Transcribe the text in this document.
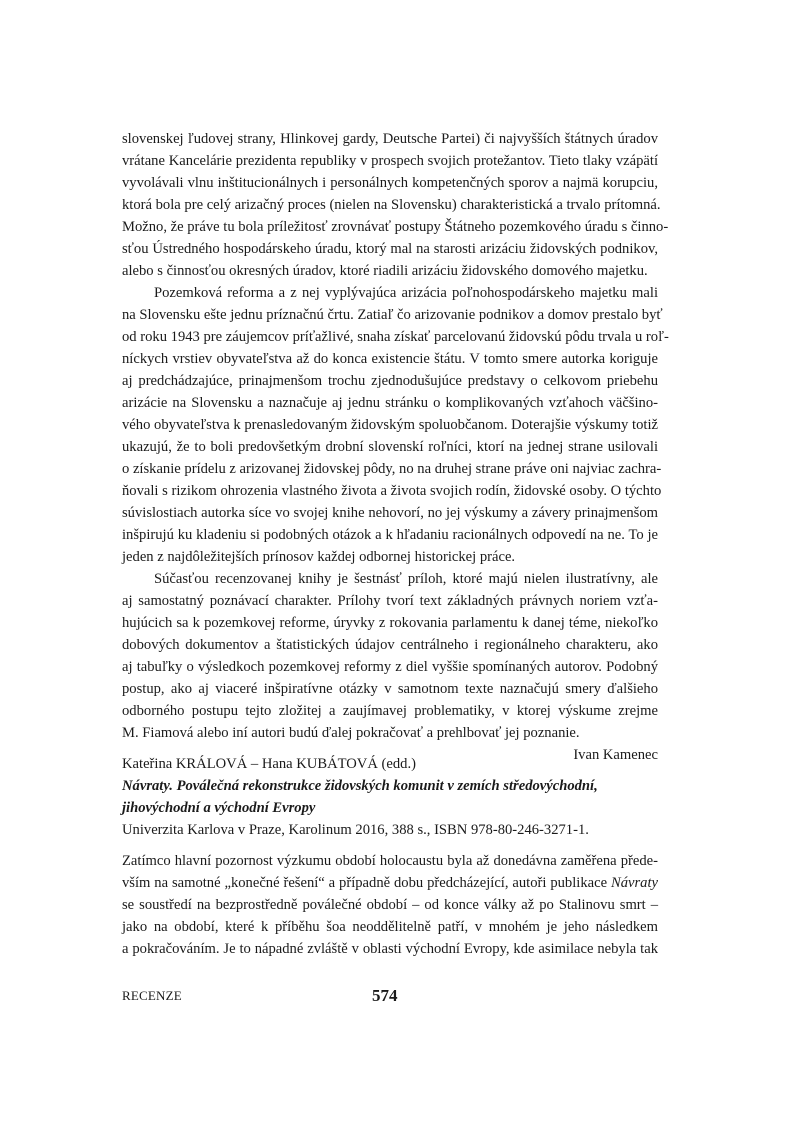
slovenskej ľudovej strany, Hlinkovej gardy, Deutsche Partei) či najvyšších štátnych úradov
vrátane Kancelárie prezidenta republiky v prospech svojich protežantov. Tieto tlaky vzápätí
vyvolávali vlnu inštitucionálnych i personálnych kompetenčných sporov a najmä korupciu,
ktorá bola pre celý arizačný proces (nielen na Slovensku) charakteristická a trvalo prítomná.
Možno, že práve tu bola príležitosť zrovnávať postupy Štátneho pozemkového úradu s činno-
sťou Ústredného hospodárskeho úradu, ktorý mal na starosti arizáciu židovských podnikov,
alebo s činnosťou okresných úradov, ktoré riadili arizáciu židovského domového majetku.
Pozemková reforma a z nej vyplývajúca arizácia poľnohospodárskeho majetku mali
na Slovensku ešte jednu príznačnú črtu. Zatiaľ čo arizovanie podnikov a domov prestalo byť
od roku 1943 pre záujemcov príťažlivé, snaha získať parcelovanú židovskú pôdu trvala u roľ-
níckych vrstiev obyvateľstva až do konca existencie štátu. V tomto smere autorka koriguje
aj predchádzajúce, prinajmenšom trochu zjednodušujúce predstavy o celkovom priebehu
arizácie na Slovensku a naznačuje aj jednu stránku o komplikovaných vzťahoch väčšino-
vého obyvateľstva k prenasledovaným židovským spoluobčanom. Doterajšie výskumy totiž
ukazujú, že to boli predovšetkým drobní slovenskí roľníci, ktorí na jednej strane usilovali
o získanie prídelu z arizovanej židovskej pôdy, no na druhej strane práve oni najviac zachra-
ňovali s rizikom ohrozenia vlastného života a života svojich rodín, židovské osoby. O týchto
súvislostiach autorka síce vo svojej knihe nehovorí, no jej výskumy a závery prinajmenšom
inšpirujú ku kladeniu si podobných otázok a k hľadaniu racionálnych odpovedí na ne. To je
jeden z najdôležitejších prínosov každej odbornej historickej práce.
Súčasťou recenzovanej knihy je šestnásť príloh, ktoré majú nielen ilustratívny, ale
aj samostatný poznávací charakter. Prílohy tvorí text základných právnych noriem vzťa-
hujúcich sa k pozemkovej reforme, úryvky z rokovania parlamentu k danej téme, niekoľko
dobových dokumentov a štatistických údajov centrálneho i regionálneho charakteru, ako
aj tabuľky o výsledkoch pozemkovej reformy z diel vyššie spomínaných autorov. Podobný
postup, ako aj viaceré inšpiratívne otázky v samotnom texte naznačujú smery ďalšieho
odborného postupu tejto zložitej a zaujímavej problematiky, v ktorej výskume zrejme
M. Fiamová alebo iní autori budú ďalej pokračovať a prehlbovať jej poznanie.
Ivan Kamenec
Kateřina KRÁLOVÁ – Hana KUBÁTOVÁ (edd.)
Návraty. Poválečná rekonstrukce židovských komunit v zemích středovýchodní,
jihovýchodní a východní Evropy
Univerzita Karlova v Praze, Karolinum 2016, 388 s., ISBN 978-80-246-3271-1.
Zatímco hlavní pozornost výzkumu období holocaustu byla až donedávna zaměřena přede-
vším na samotné „konečné řešení“ a případně dobu předcházející, autoři publikace Návraty
se soustředí na bezprostředně poválečné období – od konce války až po Stalinovu smrt –
jako na období, které k příběhu šoa neoddělitelně patří, v mnohém je jeho následkem
a pokračováním. Je to nápadné zvláště v oblasti východní Evropy, kde asimilace nebyla tak
RECENZE	574
